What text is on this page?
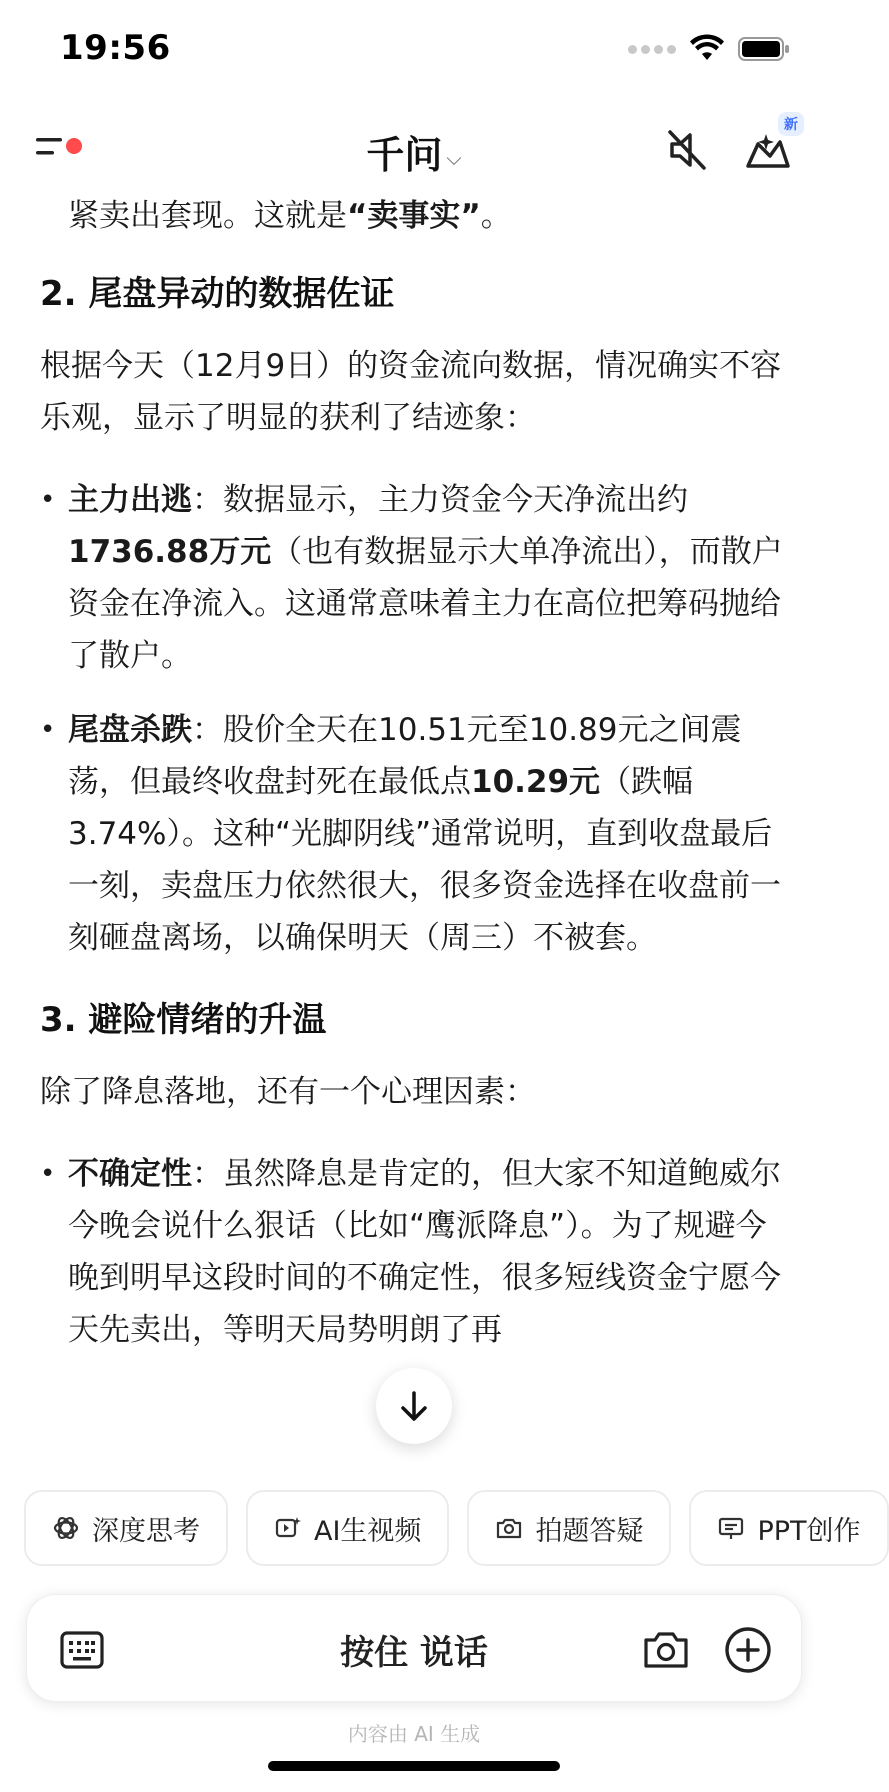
19:56
千问 ⌵
新

紧卖出套现。这就是“卖事实”。

2. 尾盘异动的数据佐证

根据今天（12月9日）的资金流向数据，情况确实不容乐观，显示了明显的获利了结迹象：

• 主力出逃：数据显示，主力资金今天净流出约1736.88万元（也有数据显示大单净流出），而散户资金在净流入。这通常意味着主力在高位把筹码抛给了散户。
• 尾盘杀跌：股价全天在10.51元至10.89元之间震荡，但最终收盘封死在最低点10.29元（跌幅3.74%）。这种“光脚阴线”通常说明，直到收盘最后一刻，卖盘压力依然很大，很多资金选择在收盘前一刻砸盘离场，以确保明天（周三）不被套。
3. 避险情绪的升温

除了降息落地，还有一个心理因素：

• 不确定性：虽然降息是肯定的，但大家不知道鲍威尔今晚会说什么狠话（比如“鹰派降息”）。为了规避今晚到明早这段时间的不确定性，很多短线资金宁愿今天先卖出，等明天局势明朗了再
深度思考	AI生视频	拍题答疑	PPT创作
按住 说话
内容由 AI 生成
